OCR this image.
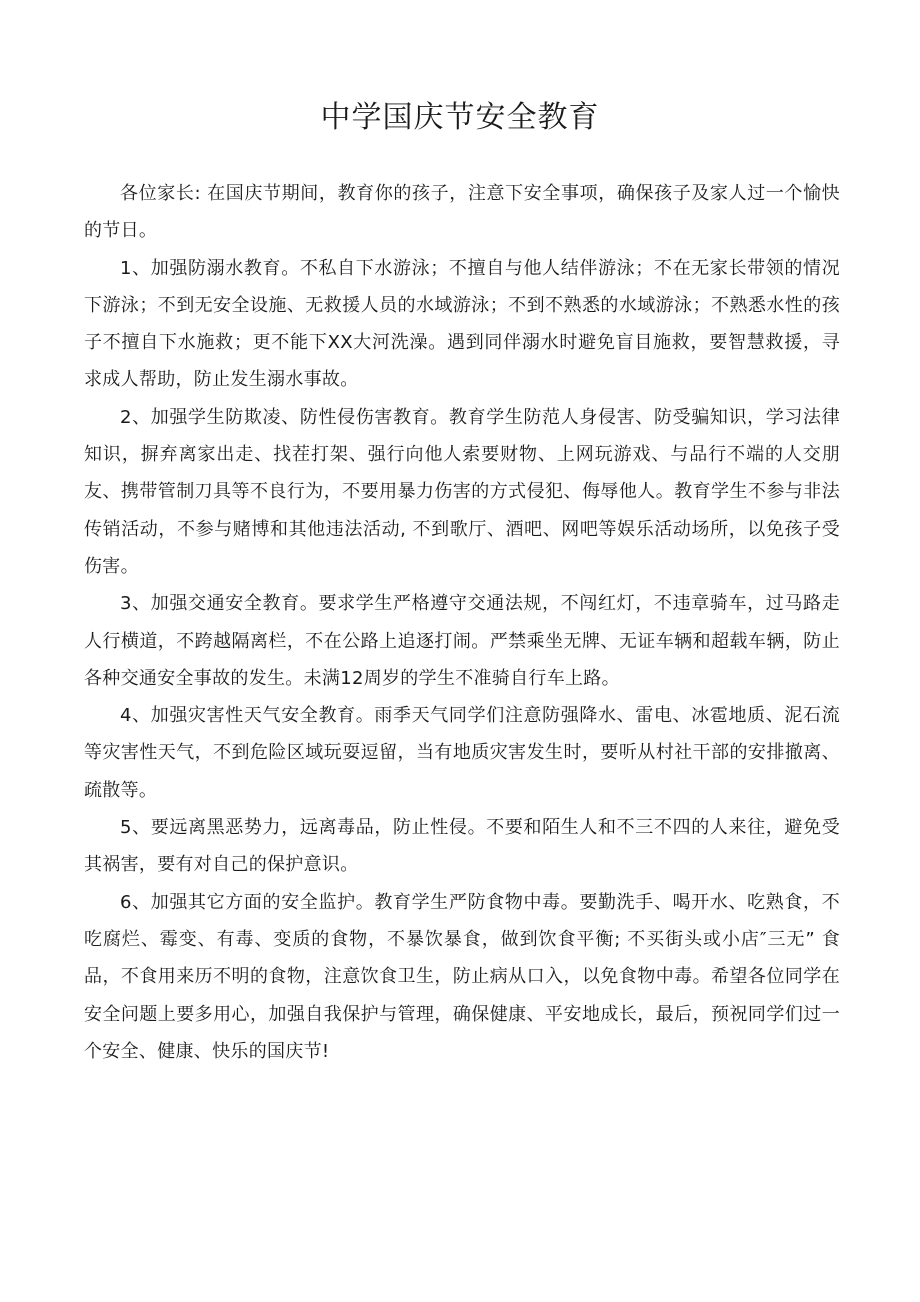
中学国庆节安全教育

各位家长: 在国庆节期间，教育你的孩子，注意下安全事项，确保孩子及家人过一个愉快的节日。

1、加强防溺水教育。不私自下水游泳；不擅自与他人结伴游泳；不在无家长带领的情况下游泳；不到无安全设施、无救援人员的水域游泳；不到不熟悉的水域游泳；不熟悉水性的孩子不擅自下水施救；更不能下XX大河洗澡。遇到同伴溺水时避免盲目施救，要智慧救援，寻求成人帮助，防止发生溺水事故。

2、加强学生防欺凌、防性侵伤害教育。教育学生防范人身侵害、防受骗知识，学习法律知识，摒弃离家出走、找茬打架、强行向他人索要财物、上网玩游戏、与品行不端的人交朋友、携带管制刀具等不良行为，不要用暴力伤害的方式侵犯、侮辱他人。教育学生不参与非法传销活动，不参与赌博和其他违法活动, 不到歌厅、酒吧、网吧等娱乐活动场所，以免孩子受伤害。

3、加强交通安全教育。要求学生严格遵守交通法规，不闯红灯，不违章骑车，过马路走人行横道，不跨越隔离栏，不在公路上追逐打闹。严禁乘坐无牌、无证车辆和超载车辆，防止各种交通安全事故的发生。未满12周岁的学生不准骑自行车上路。

4、加强灾害性天气安全教育。雨季天气同学们注意防强降水、雷电、冰雹地质、泥石流等灾害性天气，不到危险区域玩耍逗留，当有地质灾害发生时，要听从村社干部的安排撤离、疏散等。

5、要远离黑恶势力，远离毒品，防止性侵。不要和陌生人和不三不四的人来往，避免受其祸害，要有对自己的保护意识。

6、加强其它方面的安全监护。教育学生严防食物中毒。要勤洗手、喝开水、吃熟食，不吃腐烂、霉变、有毒、变质的食物，不暴饮暴食，做到饮食平衡; 不买街头或小店″三无” 食品，不食用来历不明的食物，注意饮食卫生，防止病从口入，以免食物中毒。希望各位同学在安全问题上要多用心，加强自我保护与管理，确保健康、平安地成长，最后，预祝同学们过一个安全、健康、快乐的国庆节!
